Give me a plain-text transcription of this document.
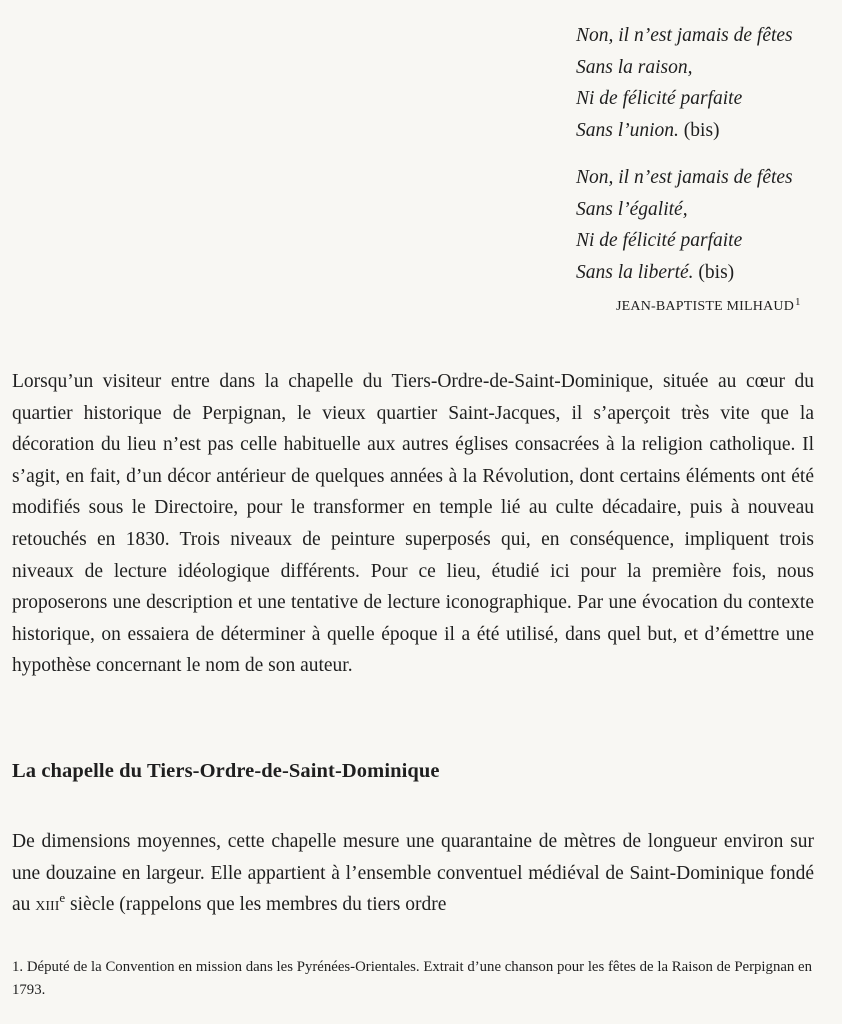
Non, il n’est jamais de fêtes
Sans la raison,
Ni de félicité parfaite
Sans l’union. (bis)

Non, il n’est jamais de fêtes
Sans l’égalité,
Ni de félicité parfaite
Sans la liberté. (bis)

JEAN-BAPTISTE MILHAUD$^1$

Lorsqu’un visiteur entre dans la chapelle du Tiers-Ordre-de-Saint-Dominique, située au cœur du quartier historique de Perpignan, le vieux quartier Saint-Jacques, il s’aperçoit très vite que la décoration du lieu n’est pas celle habituelle aux autres églises consacrées à la religion catholique. Il s’agit, en fait, d’un décor antérieur de quelques années à la Révolution, dont certains éléments ont été modifiés sous le Directoire, pour le transformer en temple lié au culte décadaire, puis à nouveau retouchés en 1830. Trois niveaux de peinture superposés qui, en conséquence, impliquent trois niveaux de lecture idéologique différents. Pour ce lieu, étudié ici pour la première fois, nous proposerons une description et une tentative de lecture iconographique. Par une évocation du contexte historique, on essaiera de déterminer à quelle époque il a été utilisé, dans quel but, et d’émettre une hypothèse concernant le nom de son auteur.

La chapelle du Tiers-Ordre-de-Saint-Dominique

De dimensions moyennes, cette chapelle mesure une quarantaine de mètres de longueur environ sur une douzaine en largeur. Elle appartient à l’ensemble conventuel médiéval de Saint-Dominique fondé au xiii$^e$ siècle (rappelons que les membres du tiers ordre

1. Député de la Convention en mission dans les Pyrénées-Orientales. Extrait d’une chanson pour les fêtes de la Raison de Perpignan en 1793.
